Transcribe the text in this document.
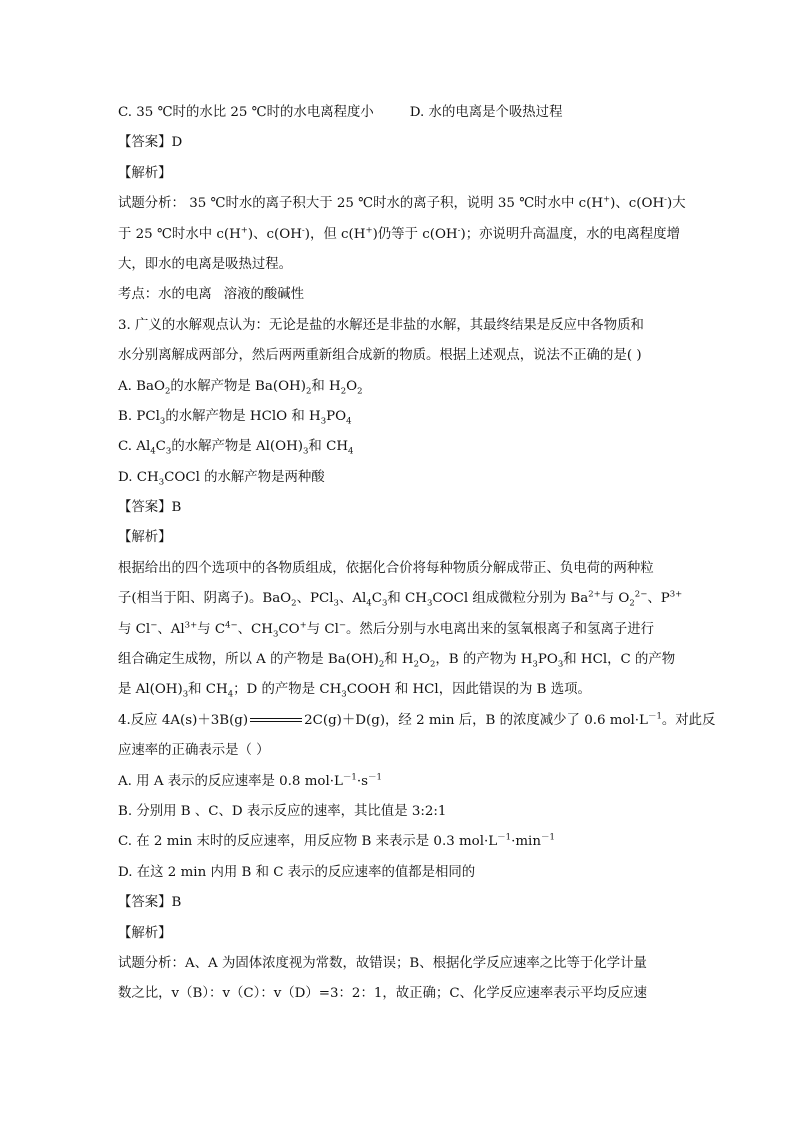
C. 35 ℃时的水比 25 ℃时的水电离程度小	D. 水的电离是个吸热过程
【答案】D
【解析】
试题分析： 35 ℃时水的离子积大于 25 ℃时水的离子积，说明 35 ℃时水中 c(H+)、c(OH-)大
于 25 ℃时水中 c(H+)、c(OH-)，但 c(H+)仍等于 c(OH-)；亦说明升高温度，水的电离程度增
大，即水的电离是吸热过程。
考点：水的电离 溶液的酸碱性
3. 广义的水解观点认为：无论是盐的水解还是非盐的水解，其最终结果是反应中各物质和
水分别离解成两部分，然后两两重新组合成新的物质。根据上述观点，说法不正确的是( )
A. BaO$_2$的水解产物是 $Ba(OH)_2$和 $H_2O_2$
B. PCl$_3$的水解产物是 HClO 和 $H_3PO_4$
C. $Al_4C_3$的水解产物是 $Al(OH)_3$和 $CH_4$
D. $CH_3COCl$ 的水解产物是两种酸
【答案】B
【解析】
根据给出的四个选项中的各物质组成，依据化合价将每种物质分解成带正、负电荷的两种粒
子(相当于阳、阴离子)。BaO$_2$、PCl$_3$、$Al_4C_3$和 $CH_3COCl$ 组成微粒分别为 $Ba^{2+}$与 $O_2^{2-}$、$P^{3+}$
与 Cl−、$Al^{3+}$与 $C^{4-}$、$CH_3CO^+$与 Cl−。然后分别与水电离出来的氢氧根离子和氢离子进行
组合确定生成物，所以 A 的产物是 $Ba(OH)_2$和 $H_2O_2$，B 的产物为 $H_3PO_3$和 HCl，C 的产物
是 $Al(OH)_3$和 $CH_4$；D 的产物是 $CH_3COOH$ 和 HCl，因此错误的为 B 选项。
4.反应 4A(s)＋3B(g)	2C(g)＋D(g)，经 2 min 后，B 的浓度减少了 0.6 $mol\cdot L^{-1}$。对此反
应速率的正确表示是（ ）
A. 用 A 表示的反应速率是 0.8 $mol\cdot L^{-1}\cdot s^{-1}$
B. 分别用 B 、C、D 表示反应的速率，其比值是 3:2:1
C. 在 2 min 末时的反应速率，用反应物 B 来表示是 0.3 $mol\cdot L^{-1}\cdot\min^{-1}$
D. 在这 2 min 内用 B 和 C 表示的反应速率的值都是相同的
【答案】B
【解析】
试题分析：A、A 为固体浓度视为常数，故错误；B、根据化学反应速率之比等于化学计量
数之比，v（B）：v（C）：v（D）=3：2：1，故正确；C、化学反应速率表示平均反应速
